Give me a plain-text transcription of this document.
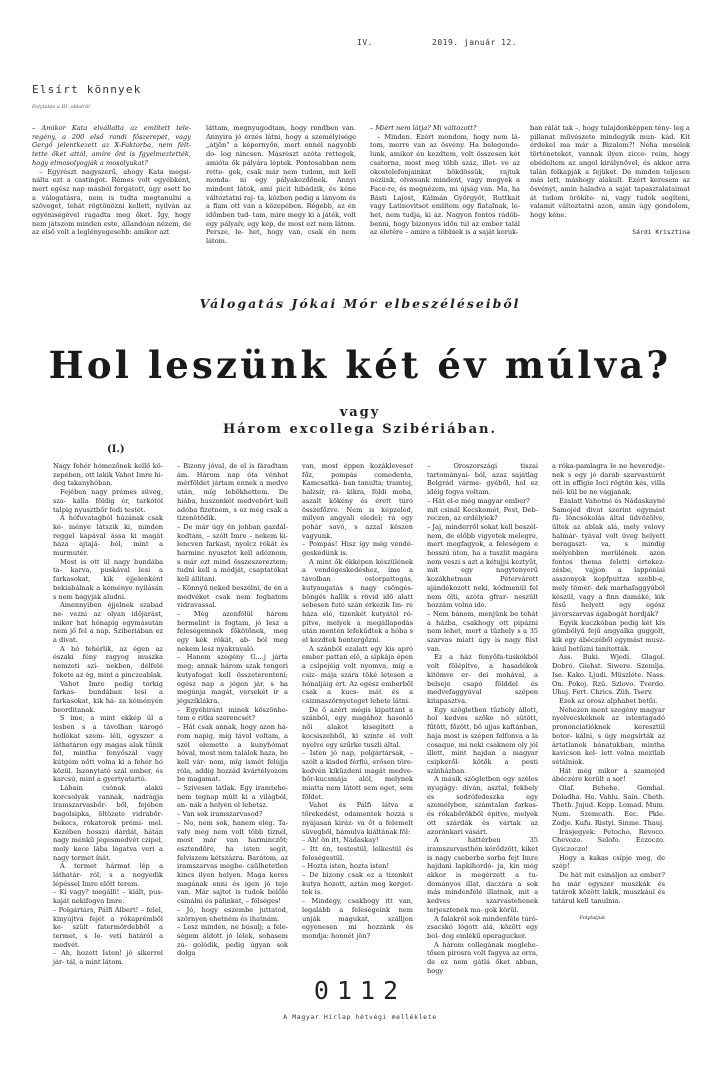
IV.	2019. január 12.
Elsírt könnyek
Folytatás a III. oldalról

– Amikor Kata elvállalta az említett tele- regény, a 200 első randi főszerepét, vagy Gergő jelentkezett az X-Faktorba, nem félt- tette őket attól, amíre őnt is fgyelmeztették, hogy elmosolyogják a mosolyukat?

– Egyrészt nagyszerű, ahogy Kata megsi- nálta ezt a castingot. Rémes volt egyébként, mert egész nap másból forgatott, úgy esett be a válogatásra, nem is tudta megtanulni a szöveget, tehát rögtönözni kellett, nyilván az egyéniségével ragadta meg őket. Így, hogy nem játszom minden este, állandóan nézem, de az első volt a leglényegesebb: amikor azt

láttam, megnyugodtam, hogy rendben van. Annyira jó érzés látni, hogy a személyisége „átjön” a képernyőn, mert ennél nagyobb do- log nincsen. Másrészt azóta rettegek, amióta ők pályára léptek. Pontosabban nem rette- gek, csak már nem tudom, mit kell monda- ni egy pályakezdőnek. Annyi mindent látok, ami picit hibádzik, és kéne változtatni raj- ta, közben pedig a lányom és a fiam ott van a közepében. Régebb, az én időmben tud- tam, mire megy ki a játék, volt egy pályaív, egy kép, de most ezt nem látom. Persze, le- het, hogy van, csak én nem látom.

– Miért nem látja? Mi változott?

– Minden. Ezért mondom, hogy nem lá- tom, merre van az ösvény. Ha belegondo- lunk, amikor én kezdtem, volt összesen két csatorna, most meg több száz, illet- ve az okostelefonjainkat bökdössük, rajtuk nézünk, olvasunk mindent, vagy megyek a Face-re, és megnézem, mi újság van. Ma, ha Básti Lajost, Kálmán Györgyöt, Ruttkait vagy Latinovitsot említem egy fiatalnak, le- het, nem tudja, ki az. Nagyon fontos rádöb- benni, hogy bizonyos időn túl az ember talál az életére – amire a többiek is a saját koruk-

ban rálát tak –, hogy tulajdonképpen tény- leg a pillanat művészete mindegyik mun- kád. Kit érdekel ma már a Bizalom?! Néha mesélek történeteket, vannak ilyen zicce- reim, hogy ebédeltem az angol királynővel, és akkor arra talán felkapják a fejüket. De minden teljesen más lett, máshogy alakult. Ezért keresem az ösvényt, amin haladva a saját tapasztalataimat át tudom örökíte- ni, vagy tudok segíteni, valamit változtatni azon, amin úgy gondolom, hogy kéne.

Sárdi Krisztina
Válogatás Jókai Mór elbeszéléseiből
Hol leszünk két év múlva?
vagy
Három excollega Szibériában.
(I.)

Nagy fehér hómezőnek kellő kö- zepében, ott lakik Vahot Imre hi- deg takanyhóban.

Fejében nagy prémes süveg, sza- kálla földig ér, tarkótól talpig nyusztbőr fedi testét.

A hófuvatagból házának csak ké- ménye látszik ki, minden reggel kapával ássa ki magát háza ajtajá- ból, mint a murmutér.

Most is ott ül nagy bundába ta- karva, puskával lesi a farkasokat, kik éjjelenként bekiabálnak a kéménye nyílásán s nem hagyják aludni.

Amennyiben éjjelnek szabad ne- vezni az olyan időjárást, mikor hat hónapig egymásután nem jő fel a nap. Szibériában ez a divat.

A hó fehérlik, az égen az északi fény ragyog muszka nemzeti szí- nekben, délfelé fekete az ég, mint a pinczeablak.

Vahot Imre pedig torkig farkas- bundában lesi a farkasokat, kik há- za kéményén beorditanak.

S íme, a mint ekkép ül a lesben s a távolban károgó hollókat szem- léli, egyszer a láthatáron egy magas alak tűnik fel, mintha fenyőszál vagy kútgém nőtt volna ki a fehér hó közül. Iszonytató szál ember, és karcsú, mint a gyertyatartó.

Lábain csónak alakú korcsolyák vannak, nadrágja iramszarvasbőr- ből, fejében bagolsipka, öltözete vidrabőr-bekecs, rókatorok prémi- mel. Kezében hosszú dárdát, hátán nagy ménkű jegesmedvét czipel, mely kece lába lógatva veri a nagy termet ínát.

A termet hármat lép a láthatár- ról, s a negyedik lépéssel Imre előtt terem.

– Kí vagy? megálli! – kiált, pus- kaját nekifogva Imre.

– Polgártárs, Pálfi Albert! – felel, kinyújtva fejét a rókaprémből ke- szült fatermördebből a termet, s le- vetí határól a medvét.

– Ah, hozott Isten! jó sikerrel jár- tál, a mint látom.

– Bizony jóval, de el is fáradtam ám. Három nap óta vénhat mérföldet jártam ennek a medve után, míg lebőkhettem. De hiába, huszonkét medvebőrt kell adóba fizetnem, s ez még csak a tizenötödik.

– De már úgy én jobban gazdál- kodtam, – szólt Imre – nekem ki- lencven farkast, nyolcz rókát és harminc nyusztot kell adóznom, s már ezt mind összeszereztem; tudni kell a módját, csaptatókat kell állítani.

– Könnyű neked beszélni, de én a medvéket csak nem foghatom vidravassal.

– Még azonfölül három hermelint is fogtam, jó lesz a feleségemnek főkötőnek, meg egy kék rókát, ab- ból meg nekem lesz nyakravaló.

– Hanem szegény G....j járta meg; annak három szak tengeri kutyafogat kell összeterentení; egész nap a jégen jár, s ha megúnja magát, versekét ír a jégszíklákra.

– Egyébiránt minek köszönhe- tem e ritka szerencsét?

– Hát csak annak, hogy azon há- rom napig, míg távol voltam, a szél elemette a kunyhómat hóval, most nem találok haza, be kell vár- nom, míg ismét felújja róla, addig hozzád kvártélyozom be magamat.

– Szívesen látlak. Egy iramtehe- nem tegnap múlt ki a világból, an- nak a helyén el lehetsz.

– Van sok iramszarvasod?

– No, nem sok, hanem elég. Ta- valy még nem volt több tíznél, most már van harminczöt; esztendőre, ha isten segít, felviszem kétszázra. Barátom, az iramszarvas megbe- csülhetetlen kincs ilyen helyen. Maga keres magának enni és igen jó teje van. Már sajtot is tudok belőle csinálni és pálinkát, – fölséges!

– Jó, hogy eszembe juttatod, szörnyen ehetném és ihatnám.

– Lesz minden, ne búsulj; a fele- ségem áldott jó lélek, sohasem zú- golódik, pedig úgyan sok dolga

van, most éppen kozákleveset főz, pompás comedenta, Kamcsatká- ban tanulta; tramtej, halzsír, rá- kikra, földi moha, aszalt kökény és érett túró összefőzve. Nem is képzeled, milyen angyali eledel; rá egy pohár savó, s azzal készen vagyunk.

– Pompás! Hisz így még vendé- geskedünk is.

A mint ők ékképen készülének a vendégeskedéshez, íme a távolban ostorpattogás, kutyaugatás s nagy csöngés-böngés hallik s rövid idő alatt sebesen futó szán érkezik Im- re háza elé, tizenkét kutyától ró- pítve, melyek a megállapodás után mentén lefekűdtek a hóba s el kezdtek hentergőzni.

A szánból ezalatt egy kis apró ember pattan elő, a sipkája épen a csípejéig volt nyomva, míg a csiz- mája szára töké letesen a hónaljáig ért. Az egész emberből csak a kucs- mát és a csizmaszörnyeteget lehete látni.

De ő azért mégis kipattant a szánból, egy magához hasonló női alakot kisegített a kocsiszebből, ki szinte el volt nyelve egy szűrke tuszli által.

– Isten jó nap, polgártársak, – szólt a kisded férfiú, erősen töre- kedvén kiküzdeni magát medve- bőr-kucsmája alól, melynek miatta nem látott sem eget, sem földet.

Vahot és Pálfi látva a törekedést, odamentek hozzá s nyájasan kiráz- va őt a felemelt süvegből, bámulva kiáltának föl:

– Ah! ön itt, Nádaskay!

– Itt én, testestül, lelkestül és feleségestül.

– Hozta isten, hozta isten!

– De bizony csak ez a tizenkét kutya hozott, aztán meg kerget- tek is.

– Mindegy, csakhogy itt van, legalább a feleségeink nem unják magukat, szálljon egyenesen mi hozzánk és mondja: honnét jön?

– Oroszországi tiszai tartományai- ból, azaz sajátlag Belgrád várme- gyéből, hol ez idéig fogva voltam.

– Hát el-e még magyar ember?

mit csinál Kecskemét, Pest, Deb- reczen, az erdélyiek?

– Jaj, minderről sokat kell beszél- nem, de előbb vigyetek melegre, mert megfagyok, a feleségem e hosszú úton, ha a tuszlit magára nem veszi s azt a kétujjú keztyűt, mit egy nagytenyerű kozákhetman Pétervárott ajándékozott neki, kódmenül fel nem ölti, azóta gfrar- neszült hozzám volna ide.

– Nem bánom, menjünk be tehát a házba, csakhogy ott pipázni nem lehet, mert a tűzhely s a 35 szarvas miatt úgy is nagy füst van.

Ez a ház fenyőfa-tuskókból volt fölépítve, a hasadékok kitömve er- dei mohával, a belseje csapó földdel és medvefaggyúval szépen kitapasztva.

Egy szögletben tűzhely állott, hol kedves szőke nő sütött, fűtött, főzött, bő ujjas kaftánban, haja most is szépen felfonva a la cosaque, mi neki csaknem oly jól illett, mint hajdan a magyar csipkeről- kötők a pesti színházban.

A másik szögletben egy széles nyugágy: díván, asztal, fekhely és sodrófedeszka egy személyben, számtalan farkas- és rókabőrökből építve, melyek ott szárdák és vártak az azoránkari vásárt.

A háttérben 35 iramszarvasthén kérődzött, kiket is nagy cseberbe sorba fejt Imre hajdani lapkihordó- ja, kin még akkor is megérzett a tu- dományos illat, daczára a sok más mindenfélé illatnak, mit a kedves szarvastehenek terjesztenek ma- gok körül.

A falakról sok mindenféle túró- zsacskó lógott alá, között egy bol- dog emlékű operagucker.

A három collegának meglehe- tősen pirosra volt fagyva az orra, de ez nem gátlá őket abban, hogy

a róka-pamlagra le ne heveredje- nek s egy jó darab szarvastúrót ott in effigie Ioci rögtön kés, villa nél- kül be ne vágjanak.

Ezalatt Vahotné és Nádaskayné Samojéd divat szerint egymást fü- löncsókolás által üdvözölve, ültek az ablak alá, mely velovy halmár- tyával volt üveg helyett beragaszt- va, s mindig mélyebben merülének azon fontos thema feletti értekez- zésbe, vajjon a lappóniai asszonyok kopfputtza szebb-e, mely tömér- dek marhafaggyúból készül, vagy a finn damáké, kik fésű helyett egy egész jávorszarvas ágabogát hordják?

Egyik kuczkóban pedig két kis gömbölyű fejű angyalka guggolt, kik egy ábéczéből egymást musz- kául betűzni tanították.

Ass. Buki. Wjedi. Glagol. Dobró. Giehst. Siwere. Szemlja. Ise. Kako. Ljudi. Müszléte. Nass. On. Pokoj. Rzü. Szlovo. Tverdo. Uhuj. Fert. Chrics. Züh. Tserv.

Ezek az orosz alphabet betűi.

Nehezen ment szegény magyar nyelvecskéknek az istentagadó prononciatióknek keresztül botor- kálni, s úgy megsírták az ártatlanok bánatukban, mintha kavicson kel- lett volna meztláb sétálniok.

Hát még mikor a szamojéd ábéczére került a sor!

Olaf. Behehe. Gomhal. Doladha. He. Vahlu. Sain. Cheth. Theth. Jujud. Kopp. Lomad. Mum. Num. Szemcath. Eec. Pkle. Zodje. Kufu. Ristyi. Sinme. Thauj.

Írásjegyek: Petocho. Revoco. Chevozo. Selofo. Eczoczo. Gyiczoczo!

Hogy a kakas csípje meg, de szép!

De hát mit csináljon az ember? ha már egyszer muszkák és tatárok között lakik, muszkául és tatárul kell tanulnia.

Folytatjuk
0112
A Magyar Hírlap hétvégi melléklete
